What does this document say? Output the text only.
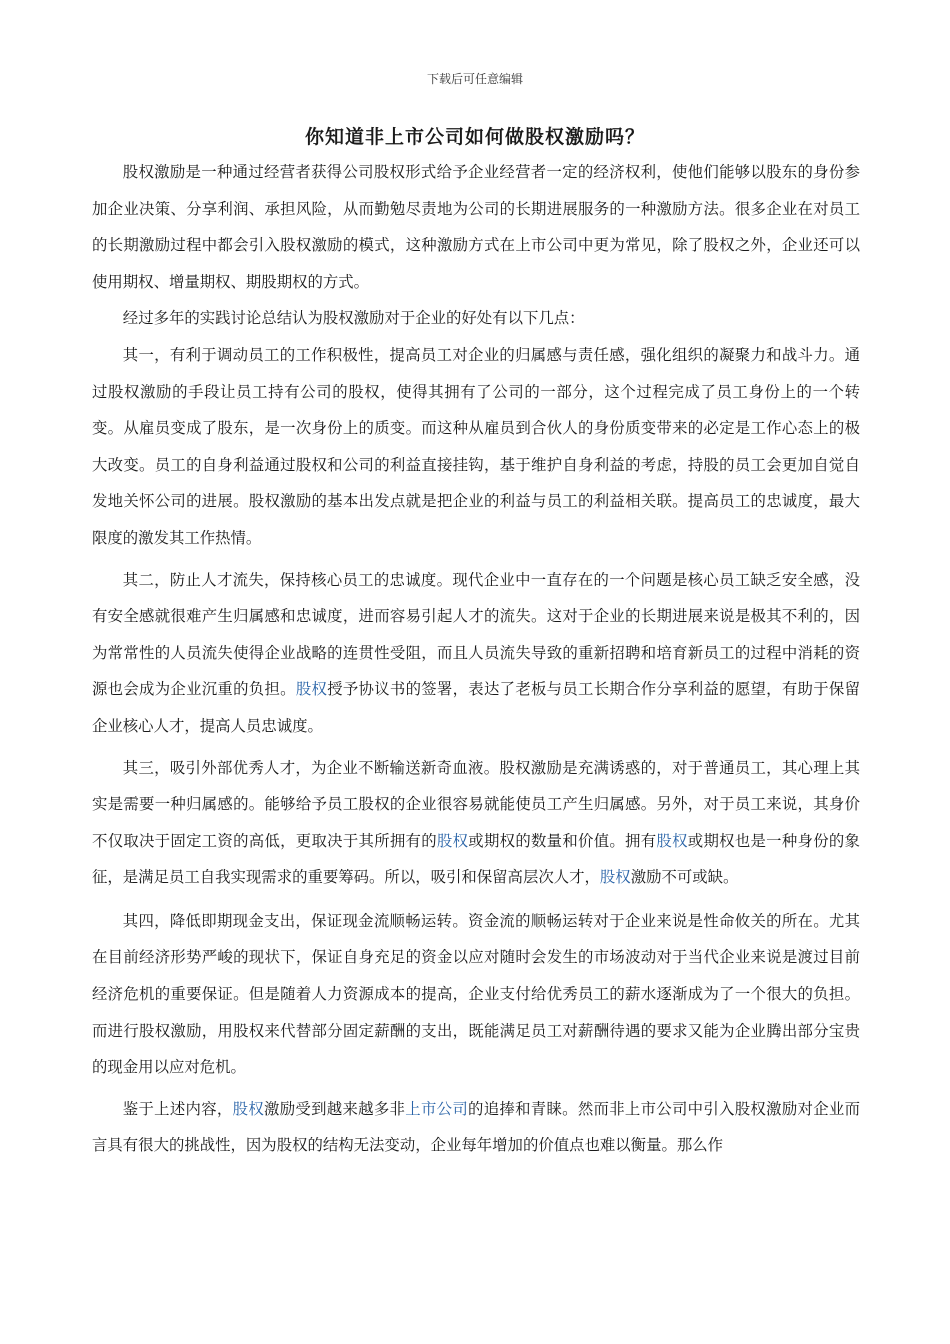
下载后可任意编辑
你知道非上市公司如何做股权激励吗？

股权激励是一种通过经营者获得公司股权形式给予企业经营者一定的经济权利，使他们能够以股东的身份参加企业决策、分享利润、承担风险，从而勤勉尽责地为公司的长期进展服务的一种激励方法。很多企业在对员工的长期激励过程中都会引入股权激励的模式，这种激励方式在上市公司中更为常见，除了股权之外，企业还可以使用期权、增量期权、期股期权的方式。

经过多年的实践讨论总结认为股权激励对于企业的好处有以下几点：

其一，有利于调动员工的工作积极性，提高员工对企业的归属感与责任感，强化组织的凝聚力和战斗力。通过股权激励的手段让员工持有公司的股权，使得其拥有了公司的一部分，这个过程完成了员工身份上的一个转变。从雇员变成了股东，是一次身份上的质变。而这种从雇员到合伙人的身份质变带来的必定是工作心态上的极大改变。员工的自身利益通过股权和公司的利益直接挂钩，基于维护自身利益的考虑，持股的员工会更加自觉自发地关怀公司的进展。股权激励的基本出发点就是把企业的利益与员工的利益相关联。提高员工的忠诚度，最大限度的激发其工作热情。

其二，防止人才流失，保持核心员工的忠诚度。现代企业中一直存在的一个问题是核心员工缺乏安全感，没有安全感就很难产生归属感和忠诚度，进而容易引起人才的流失。这对于企业的长期进展来说是极其不利的，因为常常性的人员流失使得企业战略的连贯性受阻，而且人员流失导致的重新招聘和培育新员工的过程中消耗的资源也会成为企业沉重的负担。股权授予协议书的签署，表达了老板与员工长期合作分享利益的愿望，有助于保留企业核心人才，提高人员忠诚度。

其三，吸引外部优秀人才，为企业不断输送新奇血液。股权激励是充满诱惑的，对于普通员工，其心理上其实是需要一种归属感的。能够给予员工股权的企业很容易就能使员工产生归属感。另外，对于员工来说，其身价不仅取决于固定工资的高低，更取决于其所拥有的股权或期权的数量和价值。拥有股权或期权也是一种身份的象征，是满足员工自我实现需求的重要筹码。所以，吸引和保留高层次人才，股权激励不可或缺。

其四，降低即期现金支出，保证现金流顺畅运转。资金流的顺畅运转对于企业来说是性命攸关的所在。尤其在目前经济形势严峻的现状下，保证自身充足的资金以应对随时会发生的市场波动对于当代企业来说是渡过目前经济危机的重要保证。但是随着人力资源成本的提高，企业支付给优秀员工的薪水逐渐成为了一个很大的负担。而进行股权激励，用股权来代替部分固定薪酬的支出，既能满足员工对薪酬待遇的要求又能为企业腾出部分宝贵的现金用以应对危机。

鉴于上述内容，股权激励受到越来越多非上市公司的追捧和青睐。然而非上市公司中引入股权激励对企业而言具有很大的挑战性，因为股权的结构无法变动，企业每年增加的价值点也难以衡量。那么作
